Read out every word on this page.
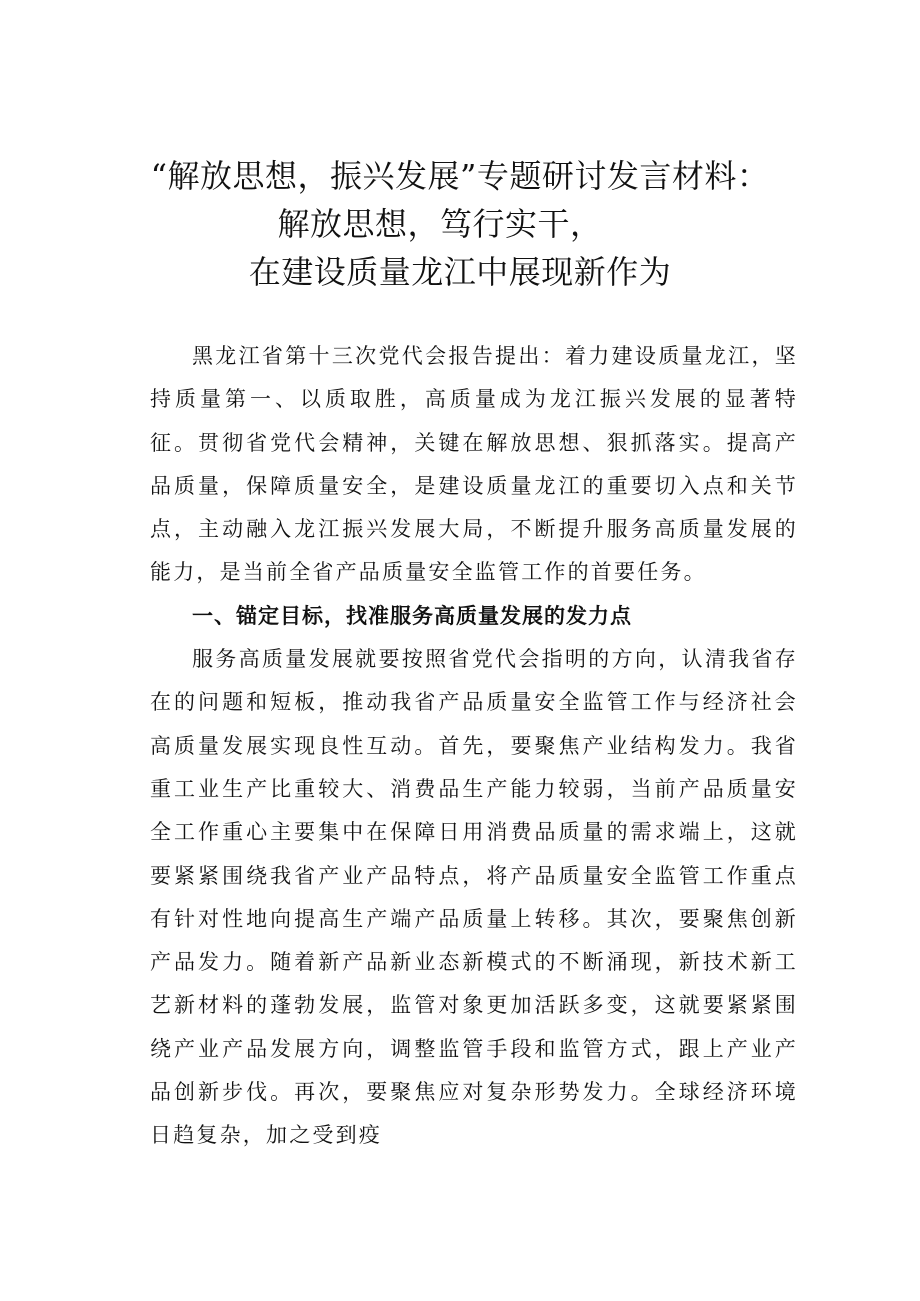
“解放思想，振兴发展”专题研讨发言材料：
解放思想，笃行实干，
在建设质量龙江中展现新作为

黑龙江省第十三次党代会报告提出：着力建设质量龙江，坚持质量第一、以质取胜，高质量成为龙江振兴发展的显著特征。贯彻省党代会精神，关键在解放思想、狠抓落实。提高产品质量，保障质量安全，是建设质量龙江的重要切入点和关节点，主动融入龙江振兴发展大局，不断提升服务高质量发展的能力，是当前全省产品质量安全监管工作的首要任务。

一、锚定目标，找准服务高质量发展的发力点

服务高质量发展就要按照省党代会指明的方向，认清我省存在的问题和短板，推动我省产品质量安全监管工作与经济社会高质量发展实现良性互动。首先，要聚焦产业结构发力。我省重工业生产比重较大、消费品生产能力较弱，当前产品质量安全工作重心主要集中在保障日用消费品质量的需求端上，这就要紧紧围绕我省产业产品特点，将产品质量安全监管工作重点有针对性地向提高生产端产品质量上转移。其次，要聚焦创新产品发力。随着新产品新业态新模式的不断涌现，新技术新工艺新材料的蓬勃发展，监管对象更加活跃多变，这就要紧紧围绕产业产品发展方向，调整监管手段和监管方式，跟上产业产品创新步伐。再次，要聚焦应对复杂形势发力。全球经济环境日趋复杂，加之受到疫
